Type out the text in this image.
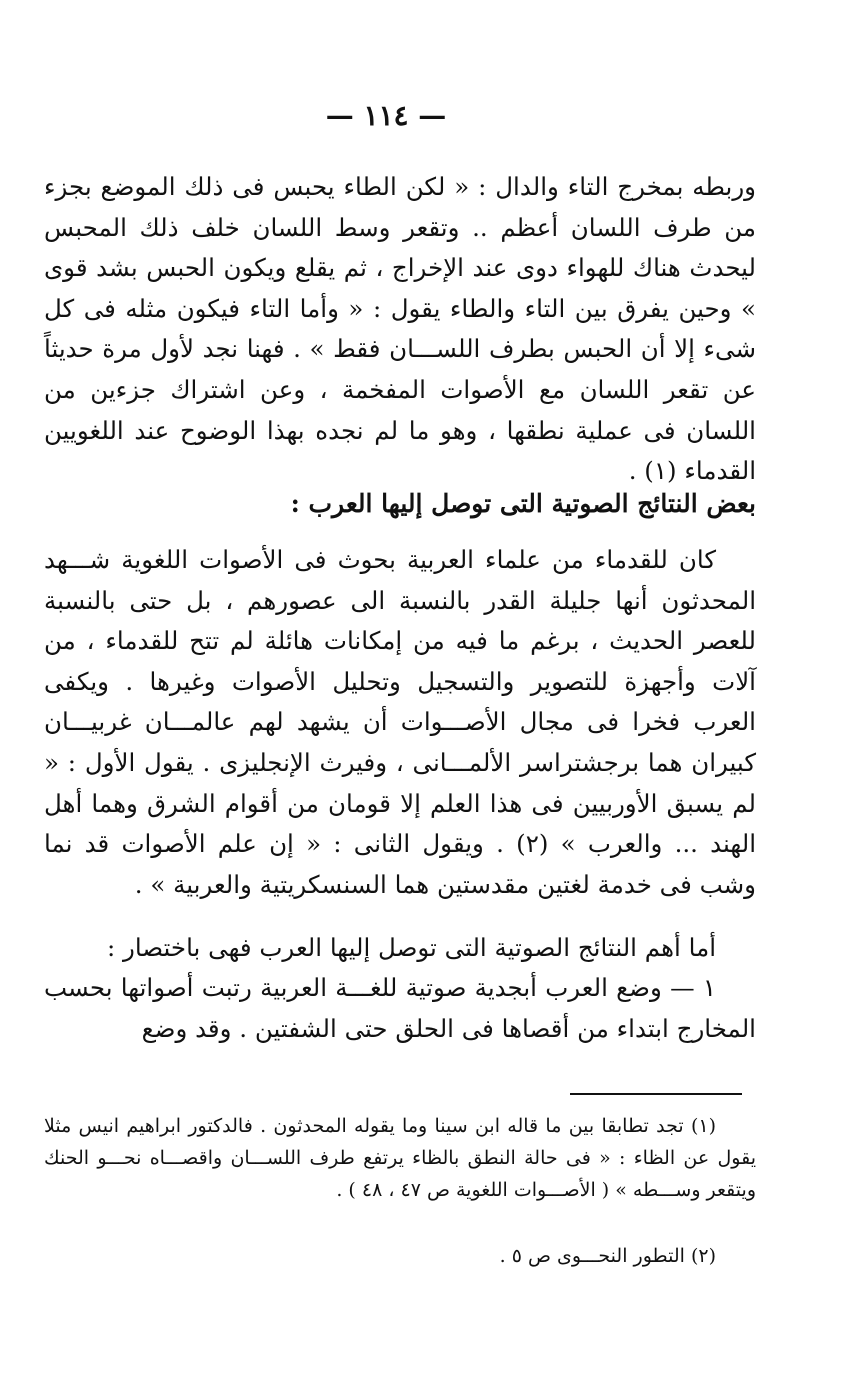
— ١١٤ —

وربطه بمخرج التاء والدال : « لكن الطاء يحبس فى ذلك الموضع بجزء من طرف اللسان أعظم .. وتقعر وسط اللسان خلف ذلك المحبس ليحدث هناك للهواء دوى عند الإخراج ، ثم يقلع ويكون الحبس بشد قوى » وحين يفرق بين التاء والطاء يقول : « وأما التاء فيكون مثله فى كل شىء إلا أن الحبس بطرف اللســـان فقط » . فهنا نجد لأول مرة حديثاً عن تقعر اللسان مع الأصوات المفخمة ، وعن اشتراك جزءين من اللسان فى عملية نطقها ، وهو ما لم نجده بهذا الوضوح عند اللغويين القدماء (١) .

بعض النتائج الصوتية التى توصل إليها العرب :

كان للقدماء من علماء العربية بحوث فى الأصوات اللغوية شـــهد المحدثون أنها جليلة القدر بالنسبة الى عصورهم ، بل حتى بالنسبة للعصر الحديث ، برغم ما فيه من إمكانات هائلة لم تتح للقدماء ، من آلات وأجهزة للتصوير والتسجيل وتحليل الأصوات وغيرها . ويكفى العرب فخرا فى مجال الأصـــوات أن يشهد لهم عالمـــان غربيـــان كبيران هما برجشتراسر الألمـــانى ، وفيرث الإنجليزى . يقول الأول : « لم يسبق الأوربيين فى هذا العلم إلا قومان من أقوام الشرق وهما أهل الهند ... والعرب » (٢) . ويقول الثانى : « إن علم الأصوات قد نما وشب فى خدمة لغتين مقدستين هما السنسكريتية والعربية » .

أما أهم النتائج الصوتية التى توصل إليها العرب فهى باختصار :

١ — وضع العرب أبجدية صوتية للغـــة العربية رتبت أصواتها بحسب المخارج ابتداء من أقصاها فى الحلق حتى الشفتين . وقد وضع

(١) تجد تطابقا بين ما قاله ابن سينا وما يقوله المحدثون . فالدكتور ابراهيم انيس مثلا يقول عن الظاء : « فى حالة النطق بالظاء يرتفع طرف اللســـان واقصـــاه نحـــو الحنك ويتقعر وســـطه » ( الأصـــوات اللغوية ص ٤٧ ، ٤٨ ) .

(٢) التطور النحـــوى ص ٥ .
